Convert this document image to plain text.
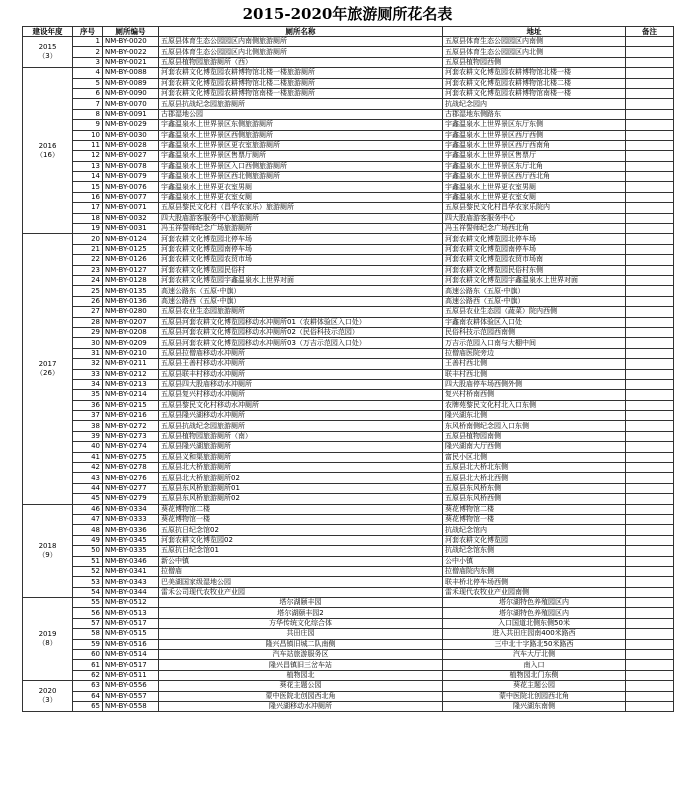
2015-2020年旅游厕所花名表
建设年度	序号	厕所编号	厕所名称	地址	备注

2015
（3）	1	NM-BY-0020	五原县体育生态公园园区内南侧旅游厕所	五原县体育生态公园园区内南侧	
	2	NM-BY-0022	五原县体育生态公园园区内北侧旅游厕所	五原县体育生态公园园区内北侧	
	3	NM-BY-0021	五原县植物园旅游厕所（西）	五原县植物园西侧	

2016
（16）	4	NM-BY-0088	河套农耕文化博览园农耕博物馆北楼一楼旅游厕所	河套农耕文化博览园农耕博物馆北楼一楼	
	5	NM-BY-0089	河套农耕文化博览园农耕博物馆北楼二楼旅游厕所	河套农耕文化博览园农耕博物馆北楼二楼	
	6	NM-BY-0090	河套农耕文化博览园农耕博物馆南楼一楼旅游厕所	河套农耕文化博览园农耕博物馆南楼一楼	
	7	NM-BY-0070	五原县抗战纪念园旅游厕所	抗战纪念园内	
	8	NM-BY-0091	古郡湿地公园	古郡湿地东侧路东	
	9	NM-BY-0029	宇鑫温泉水上世界景区东侧旅游厕所	宇鑫温泉水上世界景区东厅东侧	
	10	NM-BY-0030	宇鑫温泉水上世界景区西侧旅游厕所	宇鑫温泉水上世界景区西厅西侧	
	11	NM-BY-0028	宇鑫温泉水上世界景区更衣室旅游厕所	宇鑫温泉水上世界景区西厅西南角	
	12	NM-BY-0027	宇鑫温泉水上世界景区售票厅厕所	宇鑫温泉水上世界景区售票厅	
	13	NM-BY-0078	宇鑫温泉水上世界景区入口西侧旅游厕所	宇鑫温泉水上世界景区东厅北角	
	14	NM-BY-0079	宇鑫温泉水上世界景区西北侧旅游厕所	宇鑫温泉水上世界景区西厅西北角	
	15	NM-BY-0076	宇鑫温泉水上世界更衣室男厕	宇鑫温泉水上世界更衣室男厕	
	16	NM-BY-0077	宇鑫温泉水上世界更衣室女厕	宇鑫温泉水上世界更衣室女厕	
	17	NM-BY-0071	五原县黎民文化村（昌华农家乐）旅游厕所	五原县黎民文化村昌华农家乐院内	
	18	NM-BY-0032	四大股庙游客服务中心旅游厕所	四大股庙游客服务中心	
	19	NM-BY-0031	冯玉祥誓师纪念广场旅游厕所	冯玉祥誓师纪念广场西北角	

2017
（26）	20	NM-BY-0124	河套农耕文化博览园北停车场	河套农耕文化博览园北停车场	
	21	NM-BY-0125	河套农耕文化博览园南停车场	河套农耕文化博览园南停车场	
	22	NM-BY-0126	河套农耕文化博览园农贸市场	河套农耕文化博览园农贸市场南	
	23	NM-BY-0127	河套农耕文化博览园民俗村	河套农耕文化博览园民俗村东侧	
	24	NM-BY-0128	河套农耕文化博览园宇鑫温泉水上世界对面	河套农耕文化博览园宇鑫温泉水上世界对面	
	25	NM-BY-0135	高速公路东（五原-中旗）	高速公路东（五原-中旗）	
	26	NM-BY-0136	高速公路西（五原-中旗）	高速公路西（五原-中旗）	
	27	NM-BY-0280	五原县农业生态园旅游厕所	五原县农业生态园（蔬菜）院内西侧	
	28	NM-BY-0207	五原县河套农耕文化博览园移动水冲厕所01（农耕体验区入口处）	宇鑫南农耕体验区入口处	
	29	NM-BY-0208	五原县河套农耕文化博览园移动水冲厕所02（民俗科技示范园）	民俗科技示范园西南侧	
	30	NM-BY-0209	五原县河套农耕文化博览园移动水冲厕所03（万吉示范园入口处）	万吉示范园入口南与大棚中间	
	31	NM-BY-0210	五原县拉僧庙移动水冲厕所	拉僧庙医院旁边	
	32	NM-BY-0211	五原县王善村移动水冲厕所	王善村西北侧	
	33	NM-BY-0212	五原县联丰村移动水冲厕所	联丰村西北侧	
	34	NM-BY-0213	五原县四大股庙移动水冲厕所	四大股庙停车场西侧外侧	
	35	NM-BY-0214	五原县复兴村移动水冲厕所	复兴村桥南西侧	
	36	NM-BY-0215	五原县黎民文化村移动水冲厕所	农牌苑黎民文化村北入口东侧	
	37	NM-BY-0216	五原县隆兴湖移动水冲厕所	隆兴湖东北侧	
	38	NM-BY-0272	五原县抗战纪念园旅游厕所	东风桥南侧纪念园入口东侧	
	39	NM-BY-0273	五原县植物园旅游厕所（南）	五原县植物园南侧	
	40	NM-BY-0274	五原县隆兴湖旅游厕所	隆兴湖南大厅西侧	
	41	NM-BY-0275	五原县义和渠旅游厕所	富民小区北侧	
	42	NM-BY-0278	五原县北大桥旅游厕所	五原县北大桥北东侧	
	43	NM-BY-0276	五原县北大桥旅游厕所02	五原县北大桥北西侧	
	44	NM-BY-0277	五原县东风桥旅游厕所01	五原县东风桥东侧	
	45	NM-BY-0279	五原县东风桥旅游厕所02	五原县东风桥西侧	

2018
（9）	46	NM-BY-0334	葵花博物馆二楼	葵花博物馆二楼	
	47	NM-BY-0333	葵花博物馆一楼	葵花博物馆一楼	
	48	NM-BY-0336	五原抗日纪念馆02	抗战纪念馆内	
	49	NM-BY-0345	河套农耕文化博览园02	河套农耕文化博览园	
	50	NM-BY-0335	五原抗日纪念馆01	抗战纪念馆东侧	
	51	NM-BY-0346	新公中镇	公中小镇	
	52	NM-BY-0341	拉僧庙	拉僧庙院内东侧	
	53	NM-BY-0343	巴美湖国家级湿地公园	联丰桥北停车场西侧	
	54	NM-BY-0344	雷禾公司现代农牧业产业园	雷禾现代农牧业产业园南侧	

2019
（8）	55	NM-BY-0512	塔尔湖颐丰园	塔尔湖特色养殖园区内	
	56	NM-BY-0513	塔尔湖颐丰园2	塔尔湖特色养殖园区内	
	57	NM-BY-0517	方华传统文化综合体	入口国道北侧东侧50米	
	58	NM-BY-0515	共田庄园	进入共田庄园南400米路西	
	59	NM-BY-0516	隆兴昌镇旧城二队南侧	三中北十字路北50米路西	
	60	NM-BY-0514	汽车站旅游服务区	汽车大厅北侧	
	61	NM-BY-0517	隆兴昌镇旧三岔车站	南入口	
	62	NM-BY-0511	植物园北	植物园北门东侧	

2020
（3）	63	NM-BY-0556	葵花主题公园	葵花主题公园	
	64	NM-BY-0557	蒙中医院北创园西北角	蒙中医院北创园西北角	
	65	NM-BY-0558	隆兴湖移动水冲厕所	隆兴湖东南侧	
